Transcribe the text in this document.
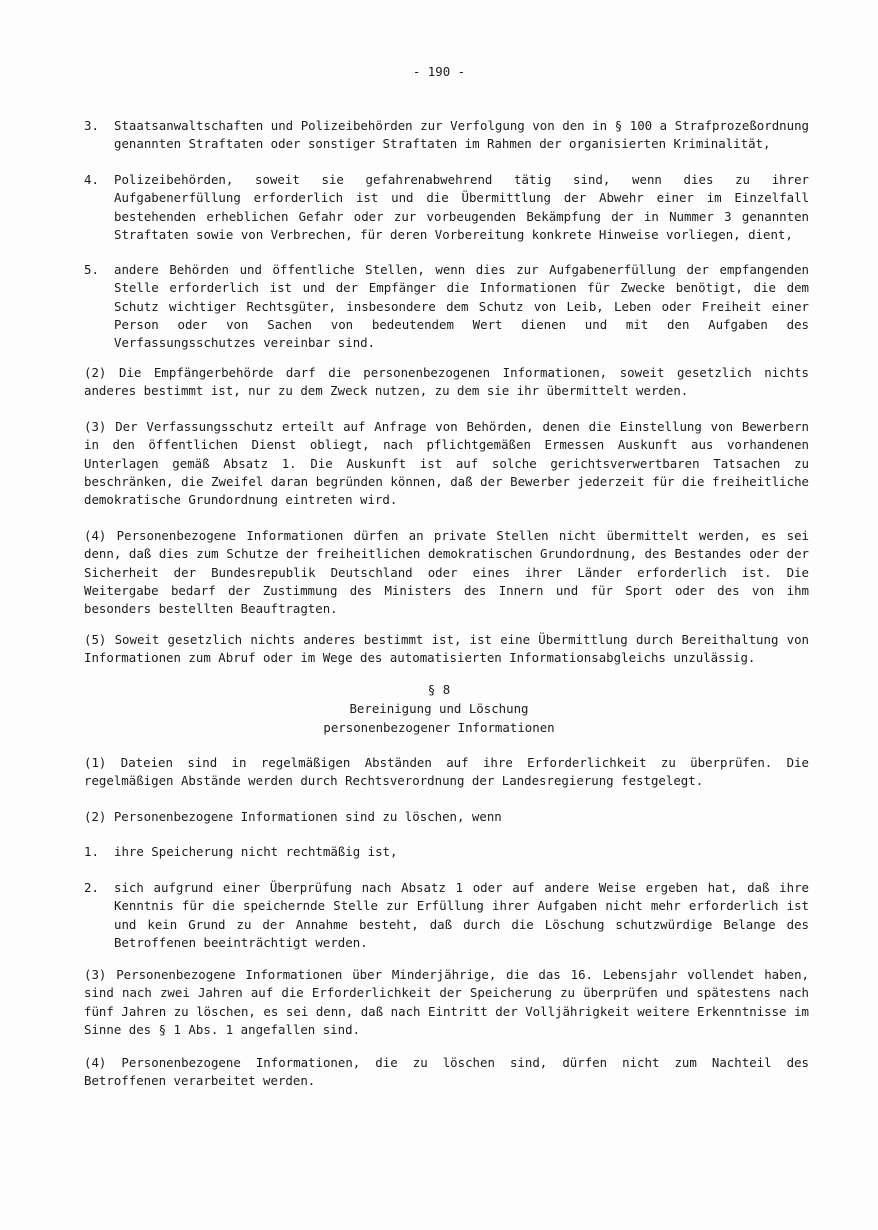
- 190 -
3.	Staatsanwaltschaften und Polizeibehörden zur Verfolgung von den in § 100 a Strafprozeßordnung genannten Straftaten oder sonstiger Straftaten im Rahmen der organisierten Kriminalität,
4.	Polizeibehörden, soweit sie gefahrenabwehrend tätig sind, wenn dies zu ihrer Aufgabenerfüllung erforderlich ist und die Übermittlung der Abwehr einer im Einzelfall bestehenden erheblichen Gefahr oder zur vorbeugenden Bekämpfung der in Nummer 3 genannten Straftaten sowie von Verbrechen, für deren Vorbereitung konkrete Hinweise vorliegen, dient,
5.	andere Behörden und öffentliche Stellen, wenn dies zur Aufgabenerfüllung der empfangenden Stelle erforderlich ist und der Empfänger die Informationen für Zwecke benötigt, die dem Schutz wichtiger Rechtsgüter, insbesondere dem Schutz von Leib, Leben oder Freiheit einer Person oder von Sachen von bedeutendem Wert dienen und mit den Aufgaben des Verfassungsschutzes vereinbar sind.
(2) Die Empfängerbehörde darf die personenbezogenen Informationen, soweit gesetzlich nichts anderes bestimmt ist, nur zu dem Zweck nutzen, zu dem sie ihr übermittelt werden.
(3) Der Verfassungsschutz erteilt auf Anfrage von Behörden, denen die Einstellung von Bewerbern in den öffentlichen Dienst obliegt, nach pflichtgemäßen Ermessen Auskunft aus vorhandenen Unterlagen gemäß Absatz 1. Die Auskunft ist auf solche gerichtsverwertbaren Tatsachen zu beschränken, die Zweifel daran begründen können, daß der Bewerber jederzeit für die freiheitliche demokratische Grundordnung eintreten wird.
(4) Personenbezogene Informationen dürfen an private Stellen nicht übermittelt werden, es sei denn, daß dies zum Schutze der freiheitlichen demokratischen Grundordnung, des Bestandes oder der Sicherheit der Bundesrepublik Deutschland oder eines ihrer Länder erforderlich ist. Die Weitergabe bedarf der Zustimmung des Ministers des Innern und für Sport oder des von ihm besonders bestellten Beauftragten.
(5) Soweit gesetzlich nichts anderes bestimmt ist, ist eine Übermittlung durch Bereithaltung von Informationen zum Abruf oder im Wege des automatisierten Informationsabgleichs unzulässig.
§ 8
Bereinigung und Löschung
personenbezogener Informationen
(1) Dateien sind in regelmäßigen Abständen auf ihre Erforderlichkeit zu überprüfen. Die regelmäßigen Abstände werden durch Rechtsverordnung der Landesregierung festgelegt.
(2) Personenbezogene Informationen sind zu löschen, wenn
1.	ihre Speicherung nicht rechtmäßig ist,
2.	sich aufgrund einer Überprüfung nach Absatz 1 oder auf andere Weise ergeben hat, daß ihre Kenntnis für die speichernde Stelle zur Erfüllung ihrer Aufgaben nicht mehr erforderlich ist und kein Grund zu der Annahme besteht, daß durch die Löschung schutzwürdige Belange des Betroffenen beeinträchtigt werden.
(3) Personenbezogene Informationen über Minderjährige, die das 16. Lebensjahr vollendet haben, sind nach zwei Jahren auf die Erforderlichkeit der Speicherung zu überprüfen und spätestens nach fünf Jahren zu löschen, es sei denn, daß nach Eintritt der Volljährigkeit weitere Erkenntnisse im Sinne des § 1 Abs. 1 angefallen sind.
(4) Personenbezogene Informationen, die zu löschen sind, dürfen nicht zum Nachteil des Betroffenen verarbeitet werden.
